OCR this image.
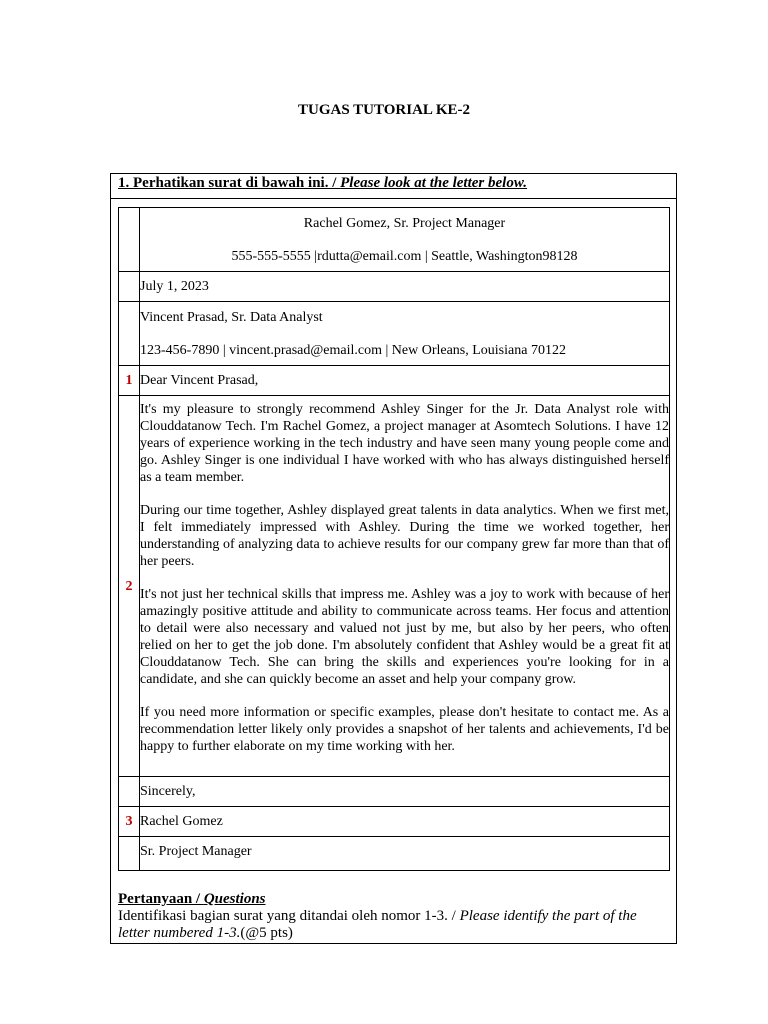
TUGAS TUTORIAL KE-2
1. Perhatikan surat di bawah ini. / Please look at the letter below.

	Rachel Gomez, Sr. Project Manager

555-555-5555 |rdutta@email.com | Seattle, Washington98128

	July 1, 2023

	Vincent Prasad, Sr. Data Analyst

123-456-7890 | vincent.prasad@email.com | New Orleans, Louisiana 70122

1	Dear Vincent Prasad,

2	It's my pleasure to strongly recommend Ashley Singer for the Jr. Data Analyst role with Clouddatanow Tech. I'm Rachel Gomez, a project manager at Asomtech Solutions. I have 12 years of experience working in the tech industry and have seen many young people come and go. Ashley Singer is one individual I have worked with who has always distinguished herself as a team member.

During our time together, Ashley displayed great talents in data analytics. When we first met, I felt immediately impressed with Ashley. During the time we worked together, her understanding of analyzing data to achieve results for our company grew far more than that of her peers.

It's not just her technical skills that impress me. Ashley was a joy to work with because of her amazingly positive attitude and ability to communicate across teams. Her focus and attention to detail were also necessary and valued not just by me, but also by her peers, who often relied on her to get the job done. I'm absolutely confident that Ashley would be a great fit at Clouddatanow Tech. She can bring the skills and experiences you're looking for in a candidate, and she can quickly become an asset and help your company grow.

If you need more information or specific examples, please don't hesitate to contact me. As a recommendation letter likely only provides a snapshot of her talents and achievements, I'd be happy to further elaborate on my time working with her.

	Sincerely,

3	Rachel Gomez

	Sr. Project Manager

Pertanyaan / Questions
Identifikasi bagian surat yang ditandai oleh nomor 1-3. / Please identify the part of the letter numbered 1-3.(@5 pts)
